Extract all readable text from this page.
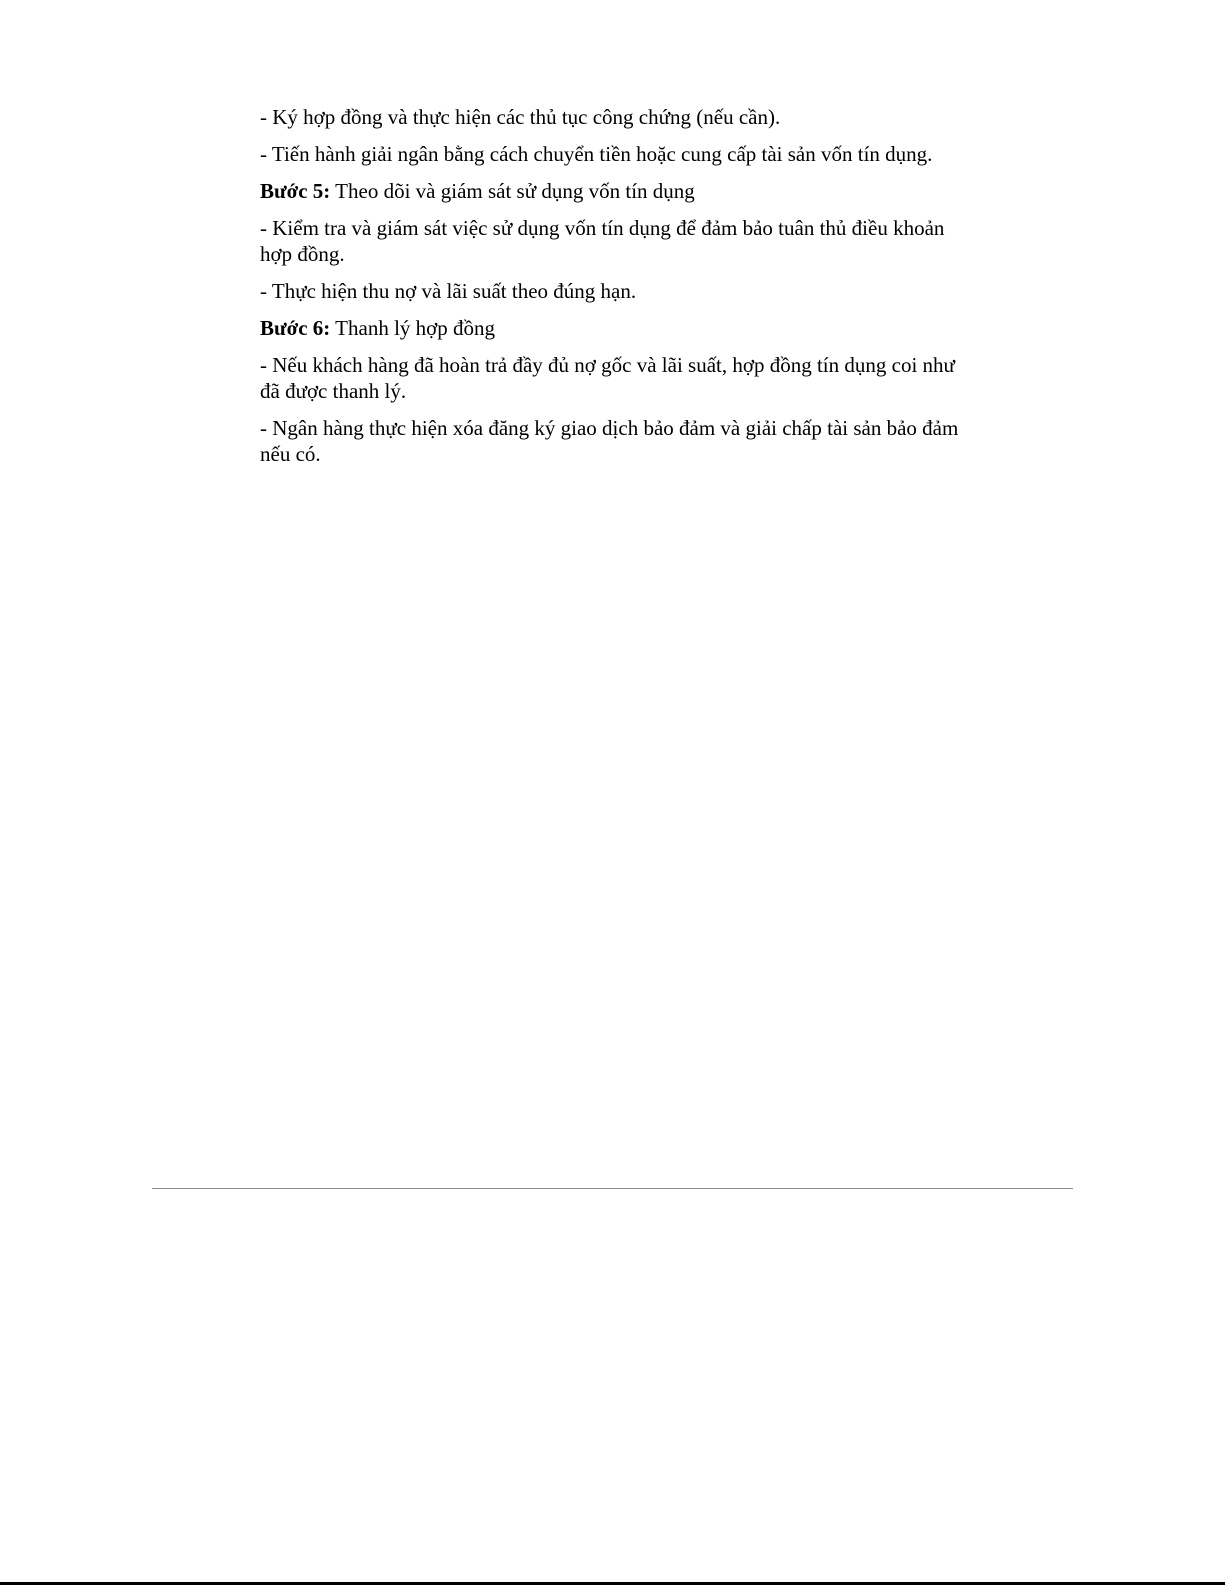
- Ký hợp đồng và thực hiện các thủ tục công chứng (nếu cần).

- Tiến hành giải ngân bằng cách chuyển tiền hoặc cung cấp tài sản vốn tín dụng.

Bước 5: Theo dõi và giám sát sử dụng vốn tín dụng

- Kiểm tra và giám sát việc sử dụng vốn tín dụng để đảm bảo tuân thủ điều khoản hợp đồng.

- Thực hiện thu nợ và lãi suất theo đúng hạn.

Bước 6: Thanh lý hợp đồng

- Nếu khách hàng đã hoàn trả đầy đủ nợ gốc và lãi suất, hợp đồng tín dụng coi như đã được thanh lý.

- Ngân hàng thực hiện xóa đăng ký giao dịch bảo đảm và giải chấp tài sản bảo đảm nếu có.
